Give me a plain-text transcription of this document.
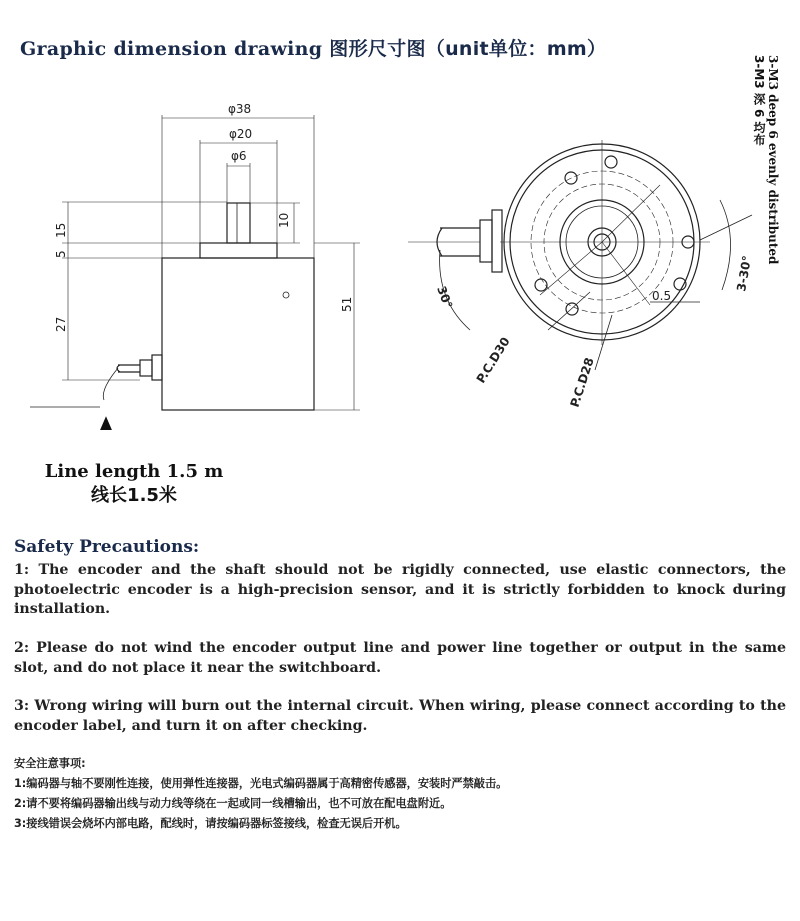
Graphic dimension drawing 图形尺寸图（unit单位：mm）
φ38
φ20
φ6
10
15
5
27
51	30°
3-30°
0.5
P.C.D30	P.C.D28
3-M3 deep 6 evenly distributed
3-M3 深 6 均布
Line length 1.5 m
线长1.5米
Safety Precautions:
1: The encoder and the shaft should not be rigidly connected, use elastic connectors, the photoelectric encoder is a high-precision sensor, and it is strictly forbidden to knock during installation.
2: Please do not wind the encoder output line and power line together or output in the same slot, and do not place it near the switchboard.
3: Wrong wiring will burn out the internal circuit. When wiring, please connect according to the encoder label, and turn it on after checking.
安全注意事项:
1:编码器与轴不要刚性连接，使用弹性连接器，光电式编码器属于高精密传感器，安装时严禁敲击。
2:请不要将编码器输出线与动力线等绕在一起或同一线槽输出，也不可放在配电盘附近。
3:接线错误会烧坏内部电路，配线时，请按编码器标签接线，检查无误后开机。
